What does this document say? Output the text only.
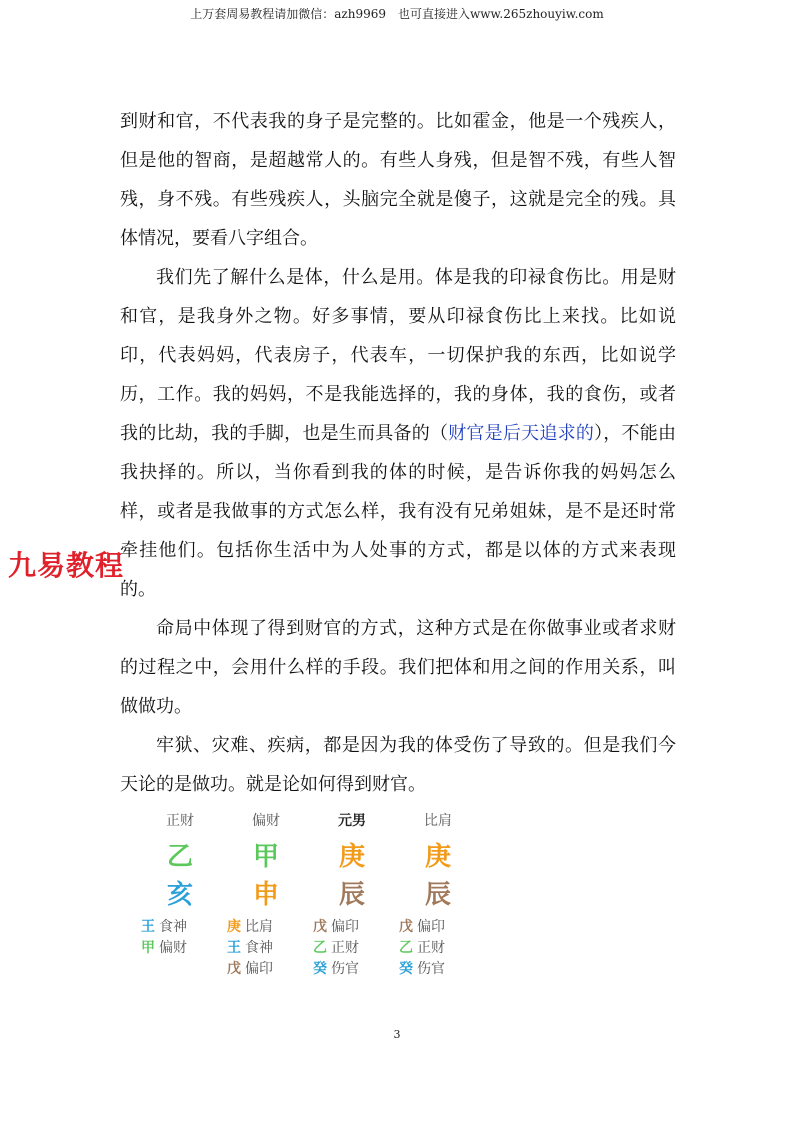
上万套周易教程请加微信：azh9969　也可直接进入www.265zhouyiw.com

到财和官，不代表我的身子是完整的。比如霍金，他是一个残疾人，但是他的智商，是超越常人的。有些人身残，但是智不残，有些人智残，身不残。有些残疾人，头脑完全就是傻子，这就是完全的残。具体情况，要看八字组合。

我们先了解什么是体，什么是用。体是我的印禄食伤比。用是财和官，是我身外之物。好多事情，要从印禄食伤比上来找。比如说印，代表妈妈，代表房子，代表车，一切保护我的东西，比如说学历，工作。我的妈妈，不是我能选择的，我的身体，我的食伤，或者我的比劫，我的手脚，也是生而具备的（财官是后天追求的），不能由我抉择的。所以，当你看到我的体的时候，是告诉你我的妈妈怎么样，或者是我做事的方式怎么样，我有没有兄弟姐妹，是不是还时常牵挂他们。包括你生活中为人处事的方式，都是以体的方式来表现的。

命局中体现了得到财官的方式，这种方式是在你做事业或者求财的过程之中，会用什么样的手段。我们把体和用之间的作用关系，叫做做功。

牢狱、灾难、疾病，都是因为我的体受伤了导致的。但是我们今天论的是做功。就是论如何得到财官。

九易教程
正财
乙
亥
王 食神
甲 偏财
偏财
甲
申
庚 比肩
王 食神
戊 偏印
元男
庚
辰
戊 偏印
乙 正财
癸 伤官
比肩
庚
辰
戊 偏印
乙 正财
癸 伤官
3
